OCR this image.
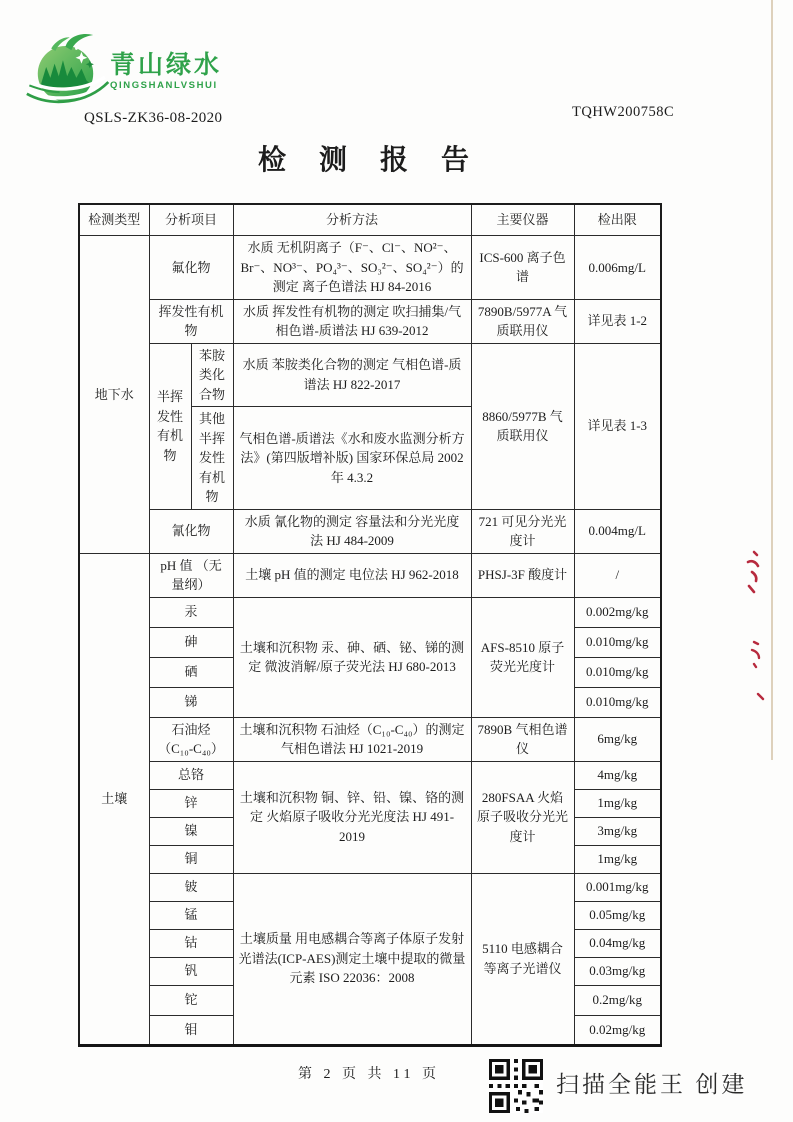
青山绿水
QINGSHANLVSHUI
QSLS-ZK36-08-2020	TQHW200758C
检 测 报 告
检测类型	分析项目		分析方法	主要仪器	检出限
地下水	氟化物		水质 无机阴离子（F⁻、Cl⁻、NO²⁻、Br⁻、NO³⁻、PO₄³⁻、SO₃²⁻、SO₄²⁻）的测定 离子色谱法 HJ 84-2016	ICS-600 离子色谱	0.006mg/L
	挥发性有机物		水质 挥发性有机物的测定 吹扫捕集/气相色谱-质谱法 HJ 639-2012	7890B/5977A 气质联用仪	详见表 1-2
	半挥发性有机物	苯胺类化合物	水质 苯胺类化合物的测定 气相色谱-质谱法 HJ 822-2017	8860/5977B 气质联用仪	详见表 1-3
		其他半挥发性有机物	气相色谱-质谱法《水和废水监测分析方法》(第四版增补版) 国家环保总局 2002 年 4.3.2		
	氰化物		水质 氰化物的测定 容量法和分光光度法 HJ 484-2009	721 可见分光光度计	0.004mg/L
土壤	pH 值 （无量纲）		土壤 pH 值的测定 电位法 HJ 962-2018	PHSJ-3F 酸度计	/
	汞		土壤和沉积物 汞、砷、硒、铋、锑的测定 微波消解/原子荧光法 HJ 680-2013	AFS-8510 原子荧光光度计	0.002mg/kg
	砷				0.010mg/kg
	硒				0.010mg/kg
	锑				0.010mg/kg
	石油烃 （C₁₀-C₄₀）		土壤和沉积物 石油烃（C₁₀-C₄₀）的测定 气相色谱法 HJ 1021-2019	7890B 气相色谱仪	6mg/kg
	总铬		土壤和沉积物 铜、锌、铅、镍、铬的测定 火焰原子吸收分光光度法 HJ 491-2019	280FSAA 火焰原子吸收分光光度计	4mg/kg
	锌				1mg/kg
	镍				3mg/kg
	铜				1mg/kg
	铍		土壤质量 用电感耦合等离子体原子发射光谱法(ICP-AES)测定土壤中提取的微量元素 ISO 22036：2008	5110 电感耦合等离子光谱仪	0.001mg/kg
	锰				0.05mg/kg
	钴				0.04mg/kg
	钒				0.03mg/kg
	铊				0.2mg/kg
	钼				0.02mg/kg
第 2 页 共 11 页	扫描全能王 创建
